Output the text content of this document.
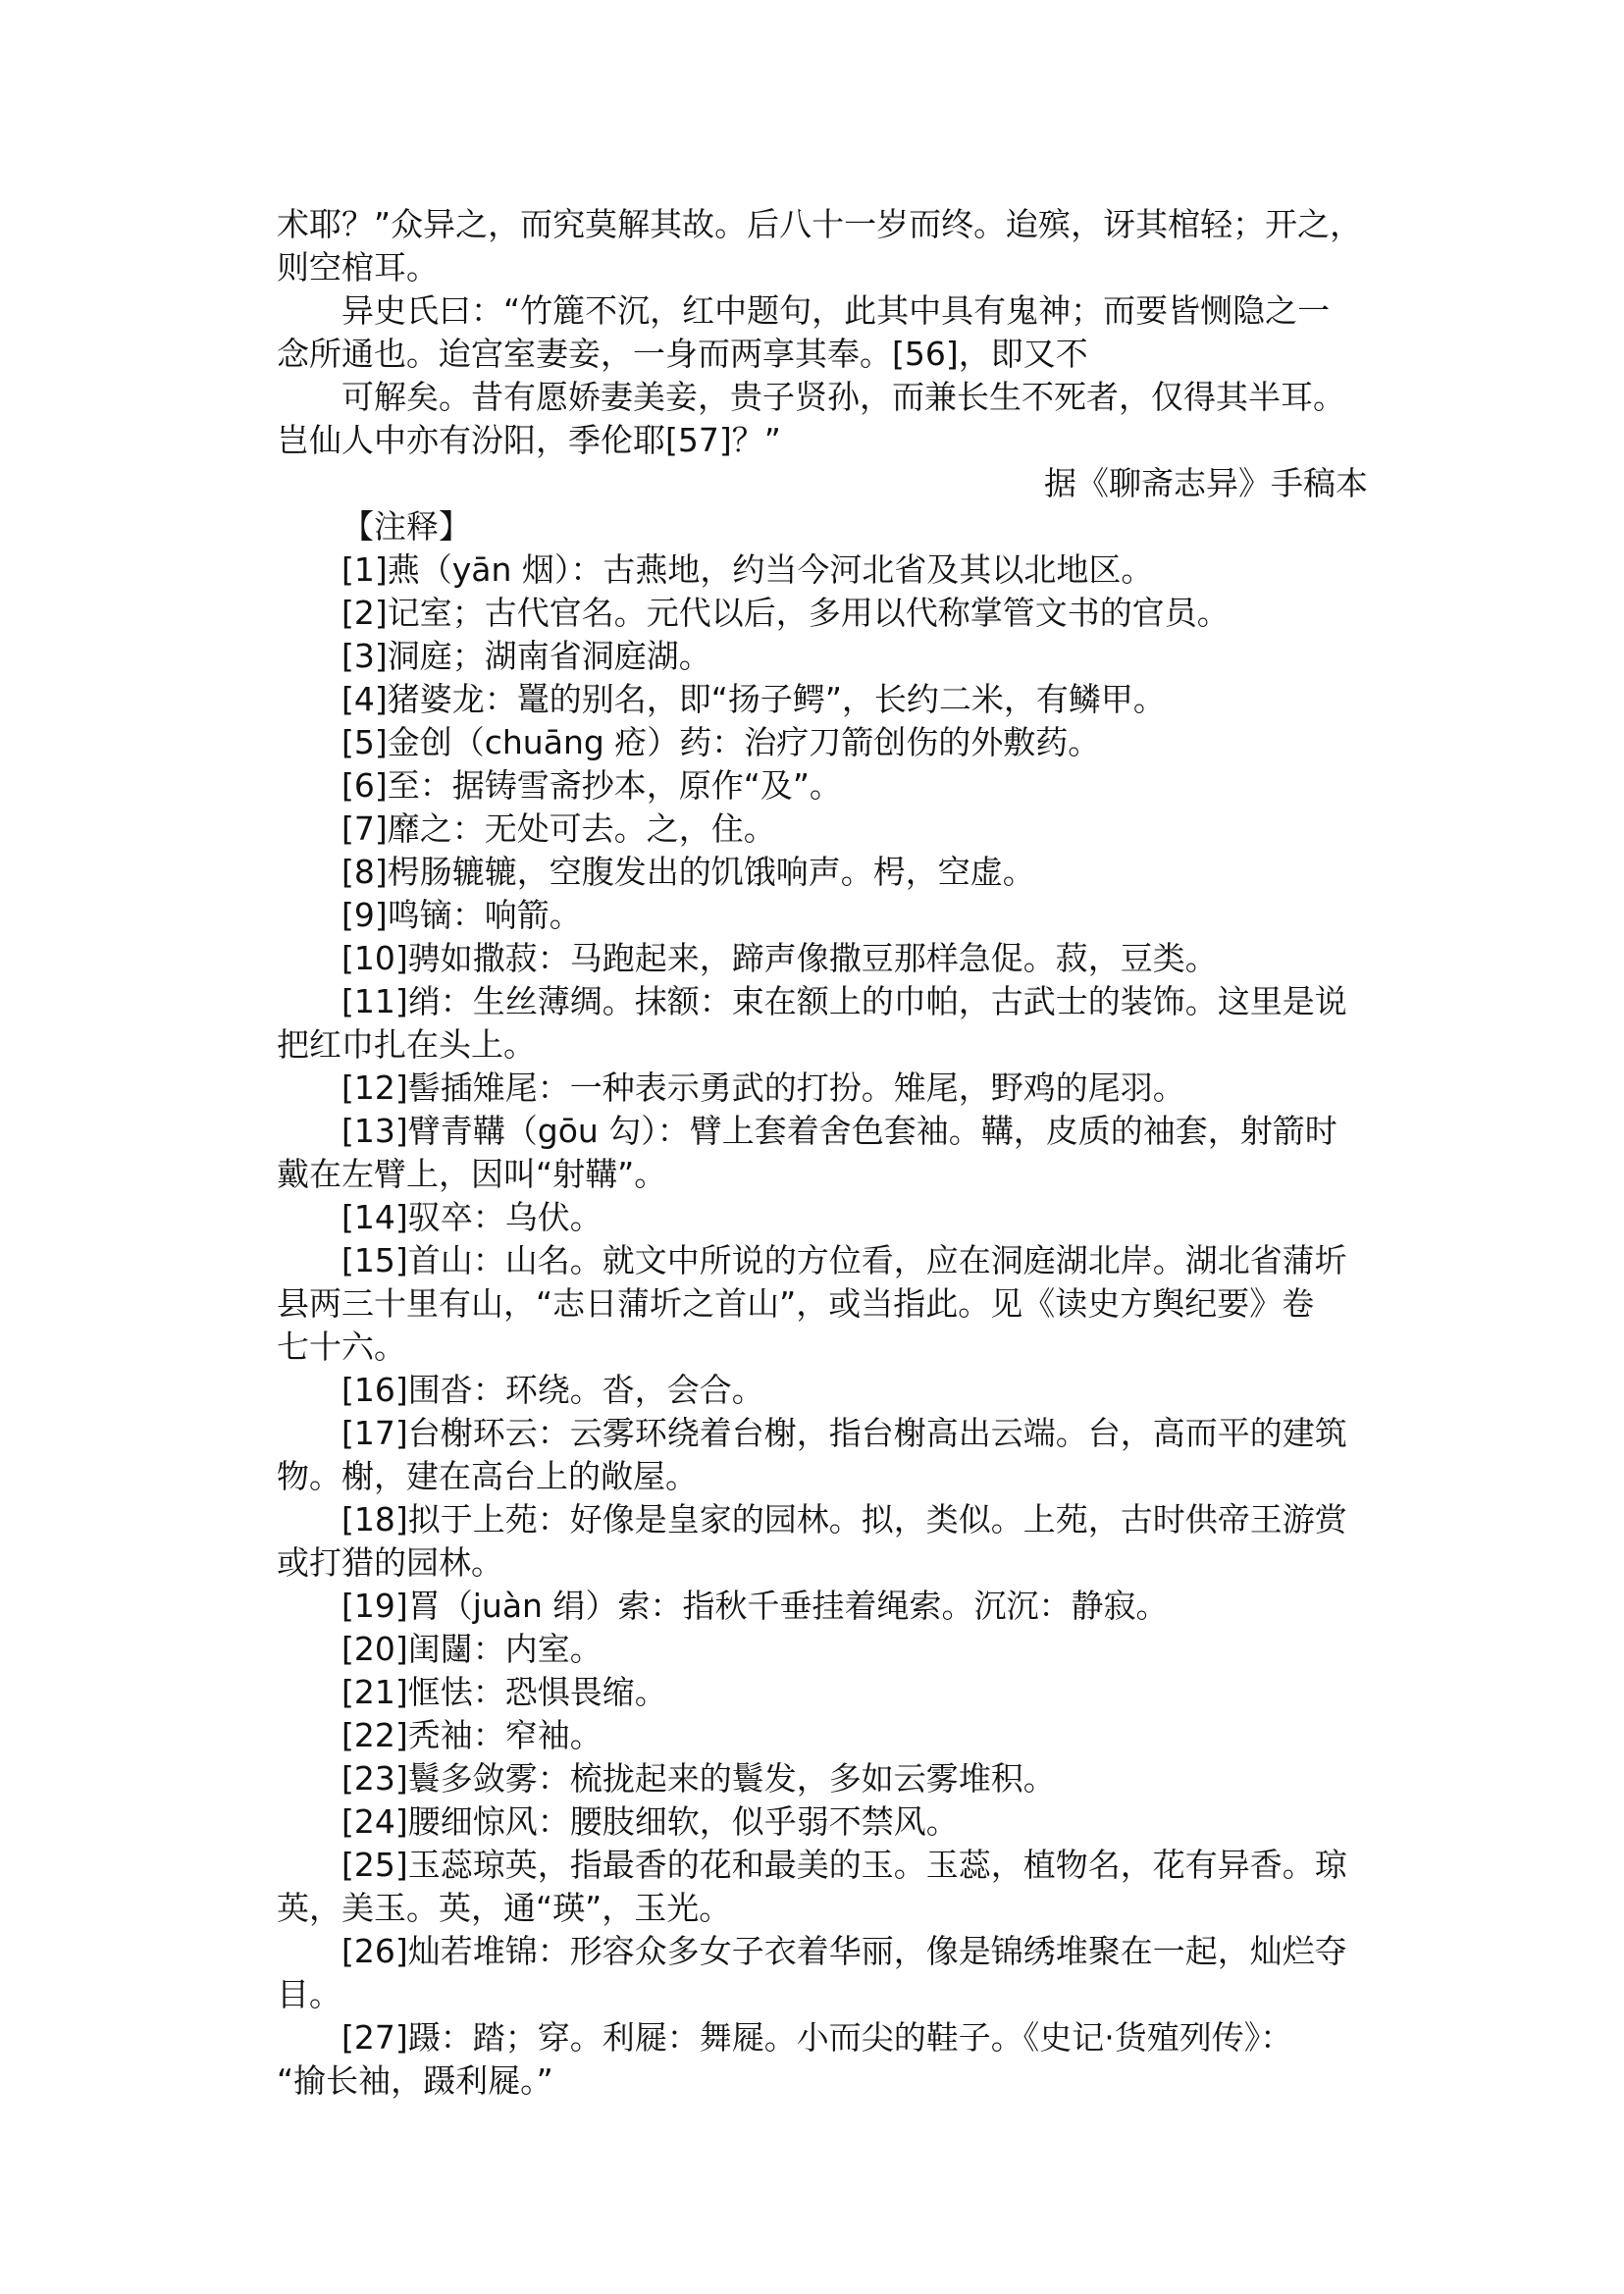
术耶？”众异之，而究莫解其故。后八十一岁而终。迨殡，讶其棺轻；开之，
则空棺耳。
异史氏曰：“竹簏不沉，红中题句，此其中具有鬼神；而要皆恻隐之一
念所通也。迨宫室妻妾，一身而两享其奉。[56]，即又不
可解矣。昔有愿娇妻美妾，贵子贤孙，而兼长生不死者，仅得其半耳。
岂仙人中亦有汾阳，季伦耶[57]？”
据《聊斋志异》手稿本
【注释】
[1]燕（yān 烟）：古燕地，约当今河北省及其以北地区。
[2]记室；古代官名。元代以后，多用以代称掌管文书的官员。
[3]洞庭；湖南省洞庭湖。
[4]猪婆龙：鼍的别名，即“扬子鳄”，长约二米，有鳞甲。
[5]金创（chuāng 疮）药：治疗刀箭创伤的外敷药。
[6]至：据铸雪斋抄本，原作“及”。
[7]靡之：无处可去。之，住。
[8]枵肠辘辘，空腹发出的饥饿响声。枵，空虚。
[9]鸣镝：响箭。
[10]骋如撒菽：马跑起来，蹄声像撒豆那样急促。菽，豆类。
[11]绡：生丝薄绸。抹额：束在额上的巾帕，古武士的装饰。这里是说
把红巾扎在头上。
[12]髻插雉尾：一种表示勇武的打扮。雉尾，野鸡的尾羽。
[13]臂青鞲（gōu 勾）：臂上套着舍色套袖。鞲，皮质的袖套，射箭时
戴在左臂上，因叫“射鞲”。
[14]驭卒：乌伏。
[15]首山：山名。就文中所说的方位看，应在洞庭湖北岸。湖北省蒲圻
县两三十里有山，“志日蒲圻之首山”，或当指此。见《读史方舆纪要》卷
七十六。
[16]围沓：环绕。沓，会合。
[17]台榭环云：云雾环绕着台榭，指台榭高出云端。台，高而平的建筑
物。榭，建在高台上的敞屋。
[18]拟于上苑：好像是皇家的园林。拟，类似。上苑，古时供帝王游赏
或打猎的园林。
[19]罥（juàn 绢）索：指秋千垂挂着绳索。沉沉：静寂。
[20]闺闥：内室。
[21]恇怯：恐惧畏缩。
[22]秃袖：窄袖。
[23]鬟多敛雾：梳拢起来的鬟发，多如云雾堆积。
[24]腰细惊风：腰肢细软，似乎弱不禁风。
[25]玉蕊琼英，指最香的花和最美的玉。玉蕊，植物名，花有异香。琼
英，美玉。英，通“瑛”，玉光。
[26]灿若堆锦：形容众多女子衣着华丽，像是锦绣堆聚在一起，灿烂夺
目。
[27]蹑：踏；穿。利屣：舞屣。小而尖的鞋子。《史记·货殖列传》：
“揄长袖，蹑利屣。”
